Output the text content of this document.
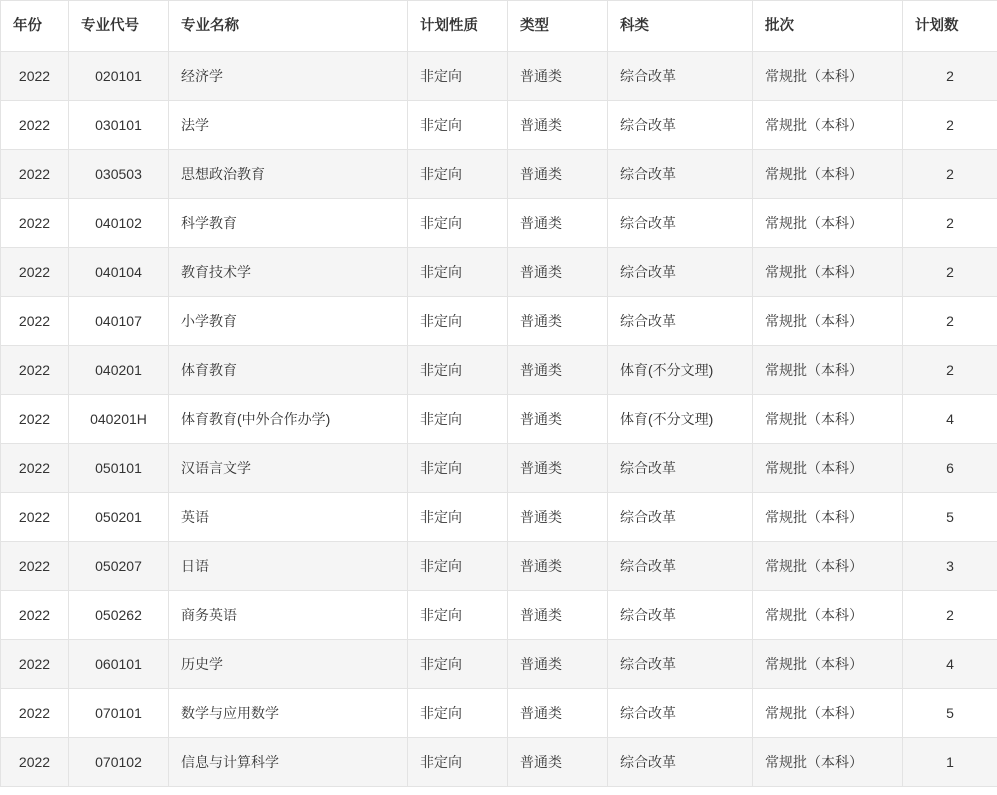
年份	专业代号	专业名称	计划性质	类型	科类	批次	计划数
2022	020101	经济学	非定向	普通类	综合改革	常规批（本科）	2
2022	030101	法学	非定向	普通类	综合改革	常规批（本科）	2
2022	030503	思想政治教育	非定向	普通类	综合改革	常规批（本科）	2
2022	040102	科学教育	非定向	普通类	综合改革	常规批（本科）	2
2022	040104	教育技术学	非定向	普通类	综合改革	常规批（本科）	2
2022	040107	小学教育	非定向	普通类	综合改革	常规批（本科）	2
2022	040201	体育教育	非定向	普通类	体育(不分文理)	常规批（本科）	2
2022	040201H	体育教育(中外合作办学)	非定向	普通类	体育(不分文理)	常规批（本科）	4
2022	050101	汉语言文学	非定向	普通类	综合改革	常规批（本科）	6
2022	050201	英语	非定向	普通类	综合改革	常规批（本科）	5
2022	050207	日语	非定向	普通类	综合改革	常规批（本科）	3
2022	050262	商务英语	非定向	普通类	综合改革	常规批（本科）	2
2022	060101	历史学	非定向	普通类	综合改革	常规批（本科）	4
2022	070101	数学与应用数学	非定向	普通类	综合改革	常规批（本科）	5
2022	070102	信息与计算科学	非定向	普通类	综合改革	常规批（本科）	1
